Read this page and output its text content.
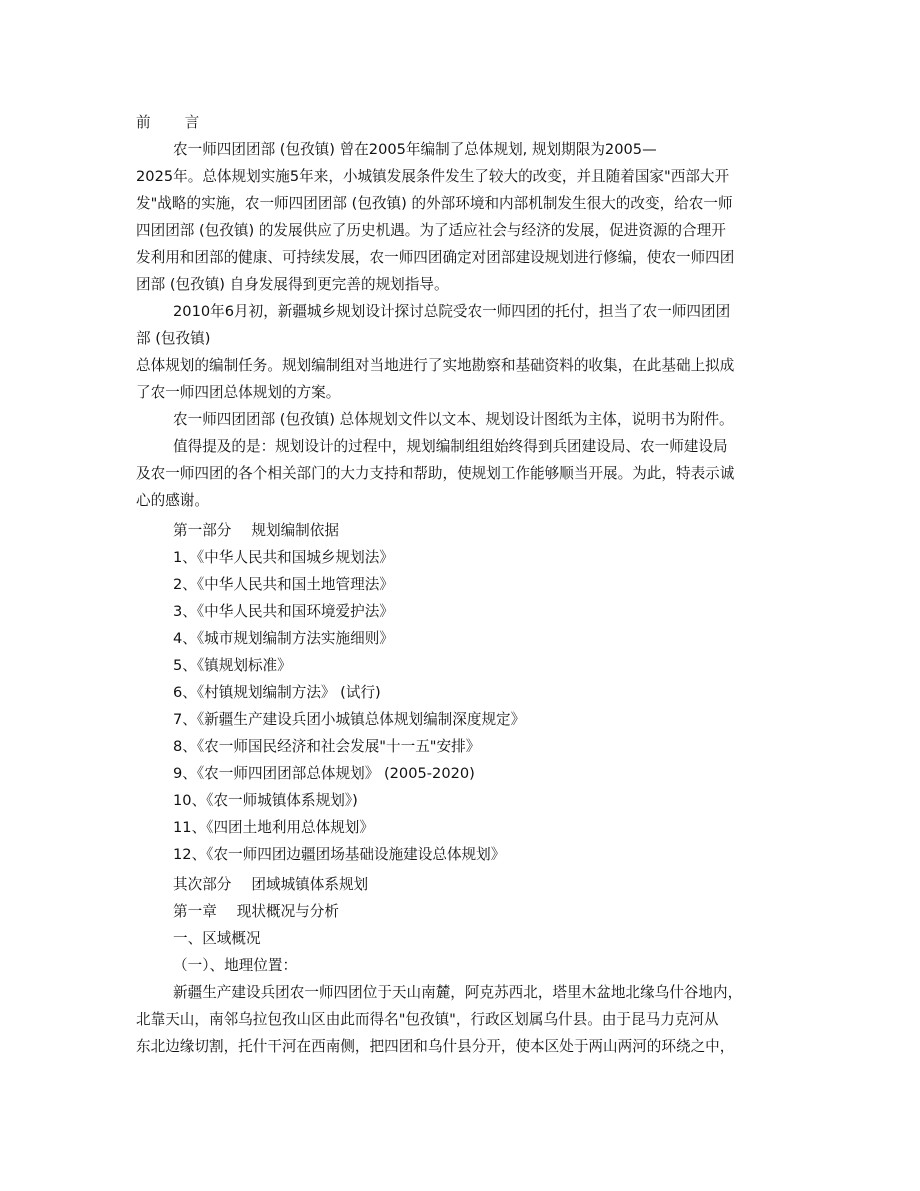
前 言
农一师四团团部 (包孜镇) 曾在2005年编制了总体规划, 规划期限为2005—
2025年。总体规划实施5年来，小城镇发展条件发生了较大的改变，并且随着国家"西部大开
发"战略的实施，农一师四团团部 (包孜镇) 的外部环境和内部机制发生很大的改变，给农一师
四团团部 (包孜镇) 的发展供应了历史机遇。为了适应社会与经济的发展，促进资源的合理开
发利用和团部的健康、可持续发展，农一师四团确定对团部建设规划进行修编，使农一师四团
团部 (包孜镇) 自身发展得到更完善的规划指导。
2010年6月初，新疆城乡规划设计探讨总院受农一师四团的托付，担当了农一师四团团
部 (包孜镇)
总体规划的编制任务。规划编制组对当地进行了实地勘察和基础资料的收集，在此基础上拟成
了农一师四团总体规划的方案。
农一师四团团部 (包孜镇) 总体规划文件以文本、规划设计图纸为主体，说明书为附件。
值得提及的是：规划设计的过程中，规划编制组组始终得到兵团建设局、农一师建设局
及农一师四团的各个相关部门的大力支持和帮助，使规划工作能够顺当开展。为此，特表示诚
心的感谢。
第一部分 规划编制依据
1、《中华人民共和国城乡规划法》
2、《中华人民共和国土地管理法》
3、《中华人民共和国环境爱护法》
4、《城市规划编制方法实施细则》
5、《镇规划标准》
6、《村镇规划编制方法》 (试行)
7、《新疆生产建设兵团小城镇总体规划编制深度规定》
8、《农一师国民经济和社会发展"十一五"安排》
9、《农一师四团团部总体规划》 (2005-2020)
10、《农一师城镇体系规划》)
11、《四团土地利用总体规划》
12、《农一师四团边疆团场基础设施建设总体规划》
其次部分 团域城镇体系规划
第一章 现状概况与分析
一、区域概况
（一）、地理位置：
新疆生产建设兵团农一师四团位于天山南麓，阿克苏西北，塔里木盆地北缘乌什谷地内，
北靠天山，南邻乌拉包孜山区由此而得名"包孜镇"，行政区划属乌什县。由于昆马力克河从
东北边缘切割，托什干河在西南侧，把四团和乌什县分开，使本区处于两山两河的环绕之中，
